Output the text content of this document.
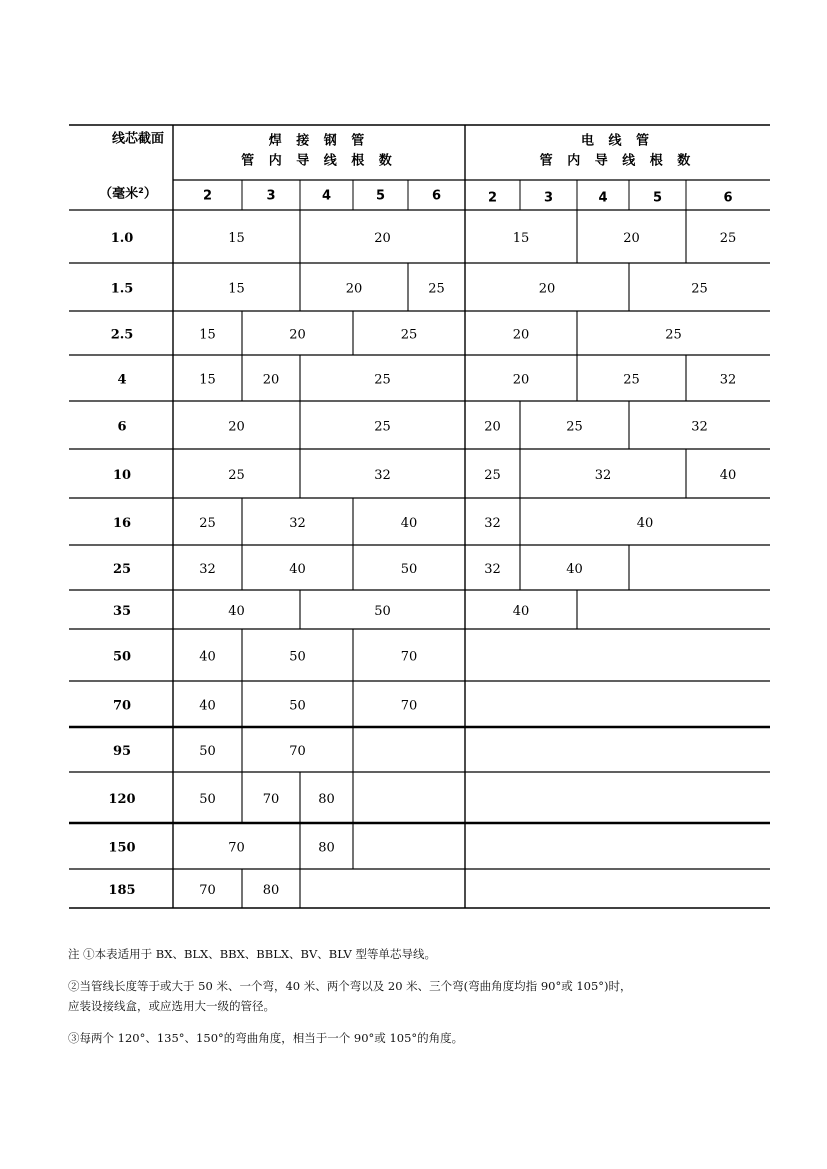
线芯截面
（毫米²）
焊 接 钢 管
管 内 导 线 根 数
电 线 管
管 内 导 线 根 数
2	3	4	5	6	2	3	4	5	6
1.0	15	20	15	20	25
1.5	15	20	25	20	25
2.5	15	20	25	20	25
4	15	20	25	20	25	32
6	20	25	20	25	32
10	25	32	25	32	40
16	25	32	40	32	40
25	32	40	50	32	40
35	40	50	40
50	40	50	70
70	40	50	70
95	50	70
120	50	70	80
150	70	80
185	70	80

注 ①本表适用于 BX、BLX、BBX、BBLX、BV、BLV 型等单芯导线。

②当管线长度等于或大于 50 米、一个弯，40 米、两个弯以及 20 米、三个弯(弯曲角度均指 90°或 105°)时，
应装设接线盒，或应选用大一级的管径。

③每两个 120°、135°、150°的弯曲角度，相当于一个 90°或 105°的角度。
